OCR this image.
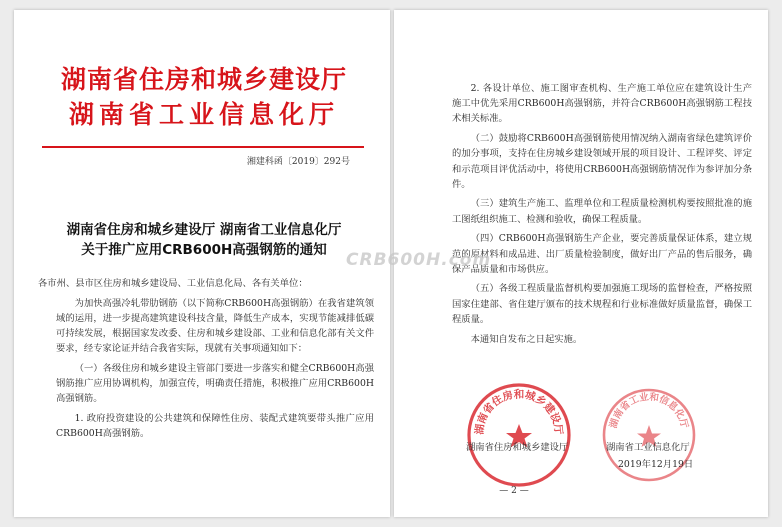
湖南省住房和城乡建设厅
湖南省工业信息化厅
湘建科函〔2019〕292号
湖南省住房和城乡建设厅 湖南省工业信息化厅
关于推广应用CRB600H高强钢筋的通知

各市州、县市区住房和城乡建设局、工业信息化局、各有关单位：

为加快高强冷轧带肋钢筋（以下简称CRB600H高强钢筋）在我省建筑领域的运用，进一步提高建筑建设科技含量，降低生产成本，实现节能减排低碳可持续发展，根据国家发改委、住房和城乡建设部、工业和信息化部有关文件要求，经专家论证并结合我省实际，现就有关事项通知如下：

（一）各级住房和城乡建设主管部门要进一步落实和健全CRB600H高强钢筋推广应用协调机构，加强宣传，明确责任措施，积极推广应用CRB600H高强钢筋。

1. 政府投资建设的公共建筑和保障性住房、装配式建筑要带头推广应用CRB600H高强钢筋。

2. 各设计单位、施工图审查机构、生产施工单位应在建筑设计生产施工中优先采用CRB600H高强钢筋，并符合CRB600H高强钢筋工程技术相关标准。

（二）鼓励将CRB600H高强钢筋使用情况纳入湖南省绿色建筑评价的加分事项，支持在住房城乡建设领域开展的项目设计、工程评奖、评定和示范项目评优活动中，将使用CRB600H高强钢筋情况作为参评加分条件。

（三）建筑生产施工、监理单位和工程质量检测机构要按照批准的施工图纸组织施工、检测和验收，确保工程质量。

（四）CRB600H高强钢筋生产企业，要完善质量保证体系，建立规范的原材料和成品进、出厂质量检验制度，做好出厂产品的售后服务，确保产品质量和市场供应。

（五）各级工程质量监督机构要加强施工现场的监督检查，严格按照国家住建部、省住建厅颁布的技术规程和行业标准做好质量监督，确保工程质量。

本通知自发布之日起实施。

湖南省住房和城乡建设厅	湖南省工业和信息化厅
湖南省住房和城乡建设厅	湖南省工业信息化厅
2019年12月19日
— 2 —
CRB600H.com
